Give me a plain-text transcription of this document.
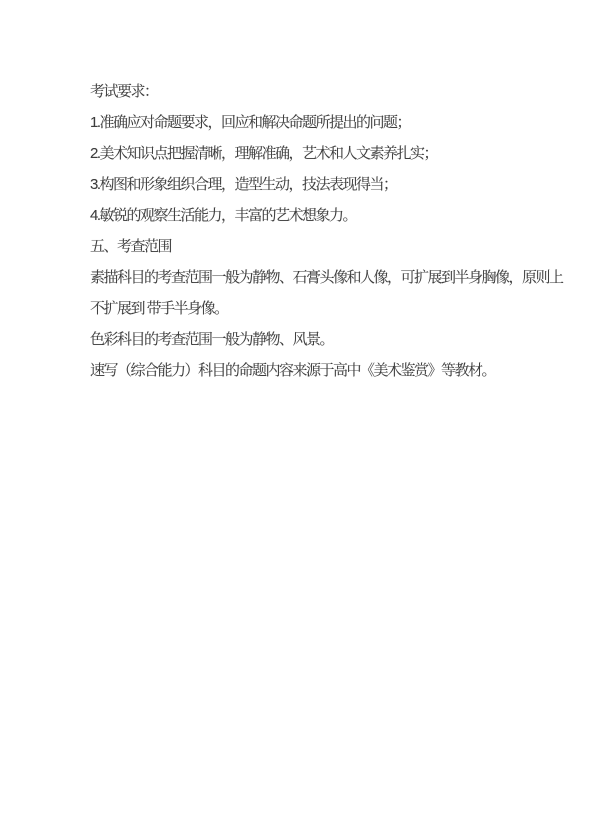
考试要求：
1.准确应对命题要求，回应和解决命题所提出的问题；
2.美术知识点把握清晰，理解准确，艺术和人文素养扎实；
3.构图和形象组织合理，造型生动，技法表现得当；
4.敏锐的观察生活能力，丰富的艺术想象力。
五、考查范围
素描科目的考查范围一般为静物、石膏头像和人像，可扩展到半身胸像，原则上
不扩展到 带手半身像。
色彩科目的考查范围一般为静物、风景。
速写（综合能力）科目的命题内容来源于高中《美术鉴赏》等教材。
